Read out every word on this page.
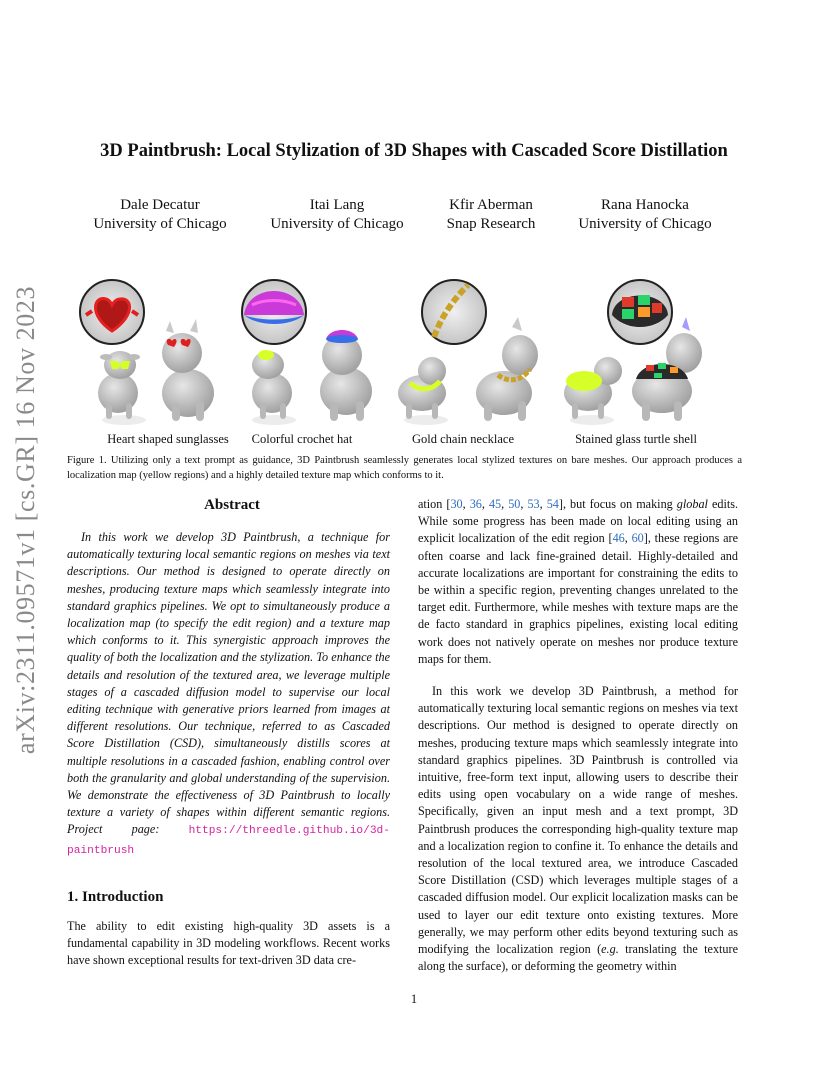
3D Paintbrush: Local Stylization of 3D Shapes with Cascaded Score Distillation
Dale Decatur
University of Chicago
Itai Lang
University of Chicago
Kfir Aberman
Snap Research
Rana Hanocka
University of Chicago
arXiv:2311.09571v1 [cs.GR] 16 Nov 2023	Heart shaped sunglasses	Colorful crochet hat	Gold chain necklace	Stained glass turtle shell
Figure 1. Utilizing only a text prompt as guidance, 3D Paintbrush seamlessly generates local stylized textures on bare meshes. Our approach produces a localization map (yellow regions) and a highly detailed texture map which conforms to it.
Abstract
In this work we develop 3D Paintbrush, a technique for automatically texturing local semantic regions on meshes via text descriptions. Our method is designed to operate directly on meshes, producing texture maps which seamlessly integrate into standard graphics pipelines. We opt to simultaneously produce a localization map (to specify the edit region) and a texture map which conforms to it. This synergistic approach improves the quality of both the localization and the stylization. To enhance the details and resolution of the textured area, we leverage multiple stages of a cascaded diffusion model to supervise our local editing technique with generative priors learned from images at different resolutions. Our technique, referred to as Cascaded Score Distillation (CSD), simultaneously distills scores at multiple resolutions in a cascaded fashion, enabling control over both the granularity and global understanding of the supervision. We demonstrate the effectiveness of 3D Paintbrush to locally texture a variety of shapes within different semantic regions. Project page:	https://threedle.github.io/3d-paintbrush
1. Introduction
The ability to edit existing high-quality 3D assets is a fundamental capability in 3D modeling workflows. Recent works have shown exceptional results for text-driven 3D data cre-
ation [30, 36, 45, 50, 53, 54], but focus on making global edits. While some progress has been made on local editing using an explicit localization of the edit region [46, 60], these regions are often coarse and lack fine-grained detail. Highly-detailed and accurate localizations are important for constraining the edits to be within a specific region, preventing changes unrelated to the target edit. Furthermore, while meshes with texture maps are the de facto standard in graphics pipelines, existing local editing work does not natively operate on meshes nor produce texture maps for them.
In this work we develop 3D Paintbrush, a method for automatically texturing local semantic regions on meshes via text descriptions. Our method is designed to operate directly on meshes, producing texture maps which seamlessly integrate into standard graphics pipelines. 3D Paintbrush is controlled via intuitive, free-form text input, allowing users to describe their edits using open vocabulary on a wide range of meshes. Specifically, given an input mesh and a text prompt, 3D Paintbrush produces the corresponding high-quality texture map and a localization region to confine it. To enhance the details and resolution of the local textured area, we introduce Cascaded Score Distillation (CSD) which leverages multiple stages of a cascaded diffusion model. Our explicit localization masks can be used to layer our edit texture onto existing textures. More generally, we may perform other edits beyond texturing such as modifying the localization region (e.g. translating the texture along the surface), or deforming the geometry within
1
